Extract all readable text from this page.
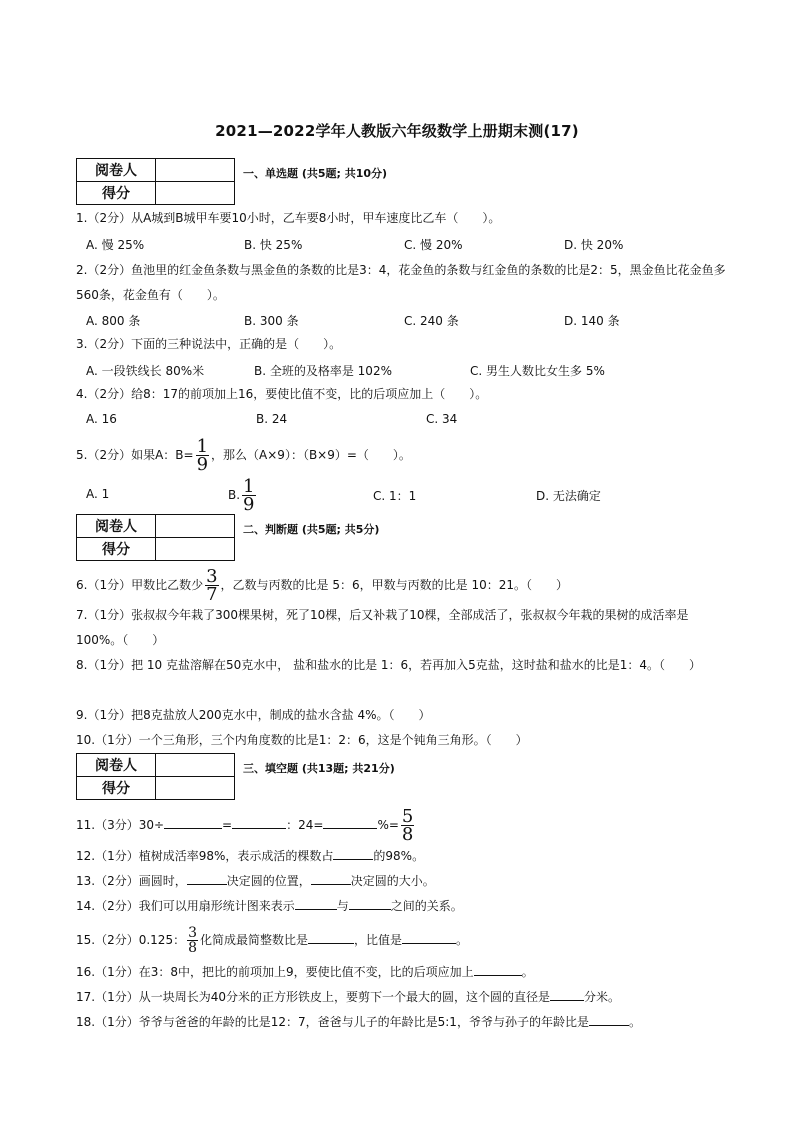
2021—2022学年人教版六年级数学上册期末测(17)
阅卷人	
得分	
一、单选题 (共5题; 共10分)
1.（2分）从A城到B城甲车要10小时，乙车要8小时，甲车速度比乙车（　　）。
A. 慢 25%	B. 快 25%	C. 慢 20%	D. 快 20%
2.（2分）鱼池里的红金鱼条数与黑金鱼的条数的比是3：4，花金鱼的条数与红金鱼的条数的比是2：5，黑金鱼比花金鱼多560条，花金鱼有（　　）。
A. 800 条	B. 300 条	C. 240 条	D. 140 条
3.（2分）下面的三种说法中，正确的是（　　）。
A. 一段铁线长 80%米	B. 全班的及格率是 102%	C. 男生人数比女生多 5%
4.（2分）给8：17的前项加上16，要使比值不变，比的后项应加上（　　）。
A. 16	B. 24	C. 34
5.（2分）如果A：$B= \frac{1}{9}$ ，那么（A×9）：（B×9）=（　　）。
A. 1	B. $\frac{1}{9}$	C. 1：1	D. 无法确定
阅卷人	
得分	
二、判断题 (共5题; 共5分)
6.（1分）甲数比乙数少 $\frac{3}{7}$ ，乙数与丙数的比是 5：6，甲数与丙数的比是 10：21。（　　）
7.（1分）张叔叔今年栽了300棵果树，死了10棵，后又补栽了10棵，全部成活了，张叔叔今年栽的果树的成活率是100%。（　　）
8.（1分）把 10 克盐溶解在50克水中， 盐和盐水的比是 1：6，若再加入5克盐，这时盐和盐水的比是1：4。（　　）
9.（1分）把8克盐放人200克水中，制成的盐水含盐 4%。（　　）
10.（1分）一个三角形，三个内角度数的比是1：2：6，这是个钝角三角形。（　　）
阅卷人	
得分	
三、填空题 (共13题; 共21分)
11.（3分）30÷	=	：24=	%= $\frac{5}{8}$
12.（1分）植树成活率98%，表示成活的棵数占	的98%。
13.（2分）画圆时，	决定圆的位置，	决定圆的大小。
14.（2分）我们可以用扇形统计图来表示	与	之间的关系。
15.（2分）0.125： $\frac{3}{8}$ 化简成最简整数比是	，比值是	。
16.（1分）在3：8中，把比的前项加上9，要使比值不变，比的后项应加上	。
17.（1分）从一块周长为40分米的正方形铁皮上，要剪下一个最大的圆，这个圆的直径是	分米。
18.（1分）爷爷与爸爸的年龄的比是12：7，爸爸与儿子的年龄比是5:1，爷爷与孙子的年龄比是	。
